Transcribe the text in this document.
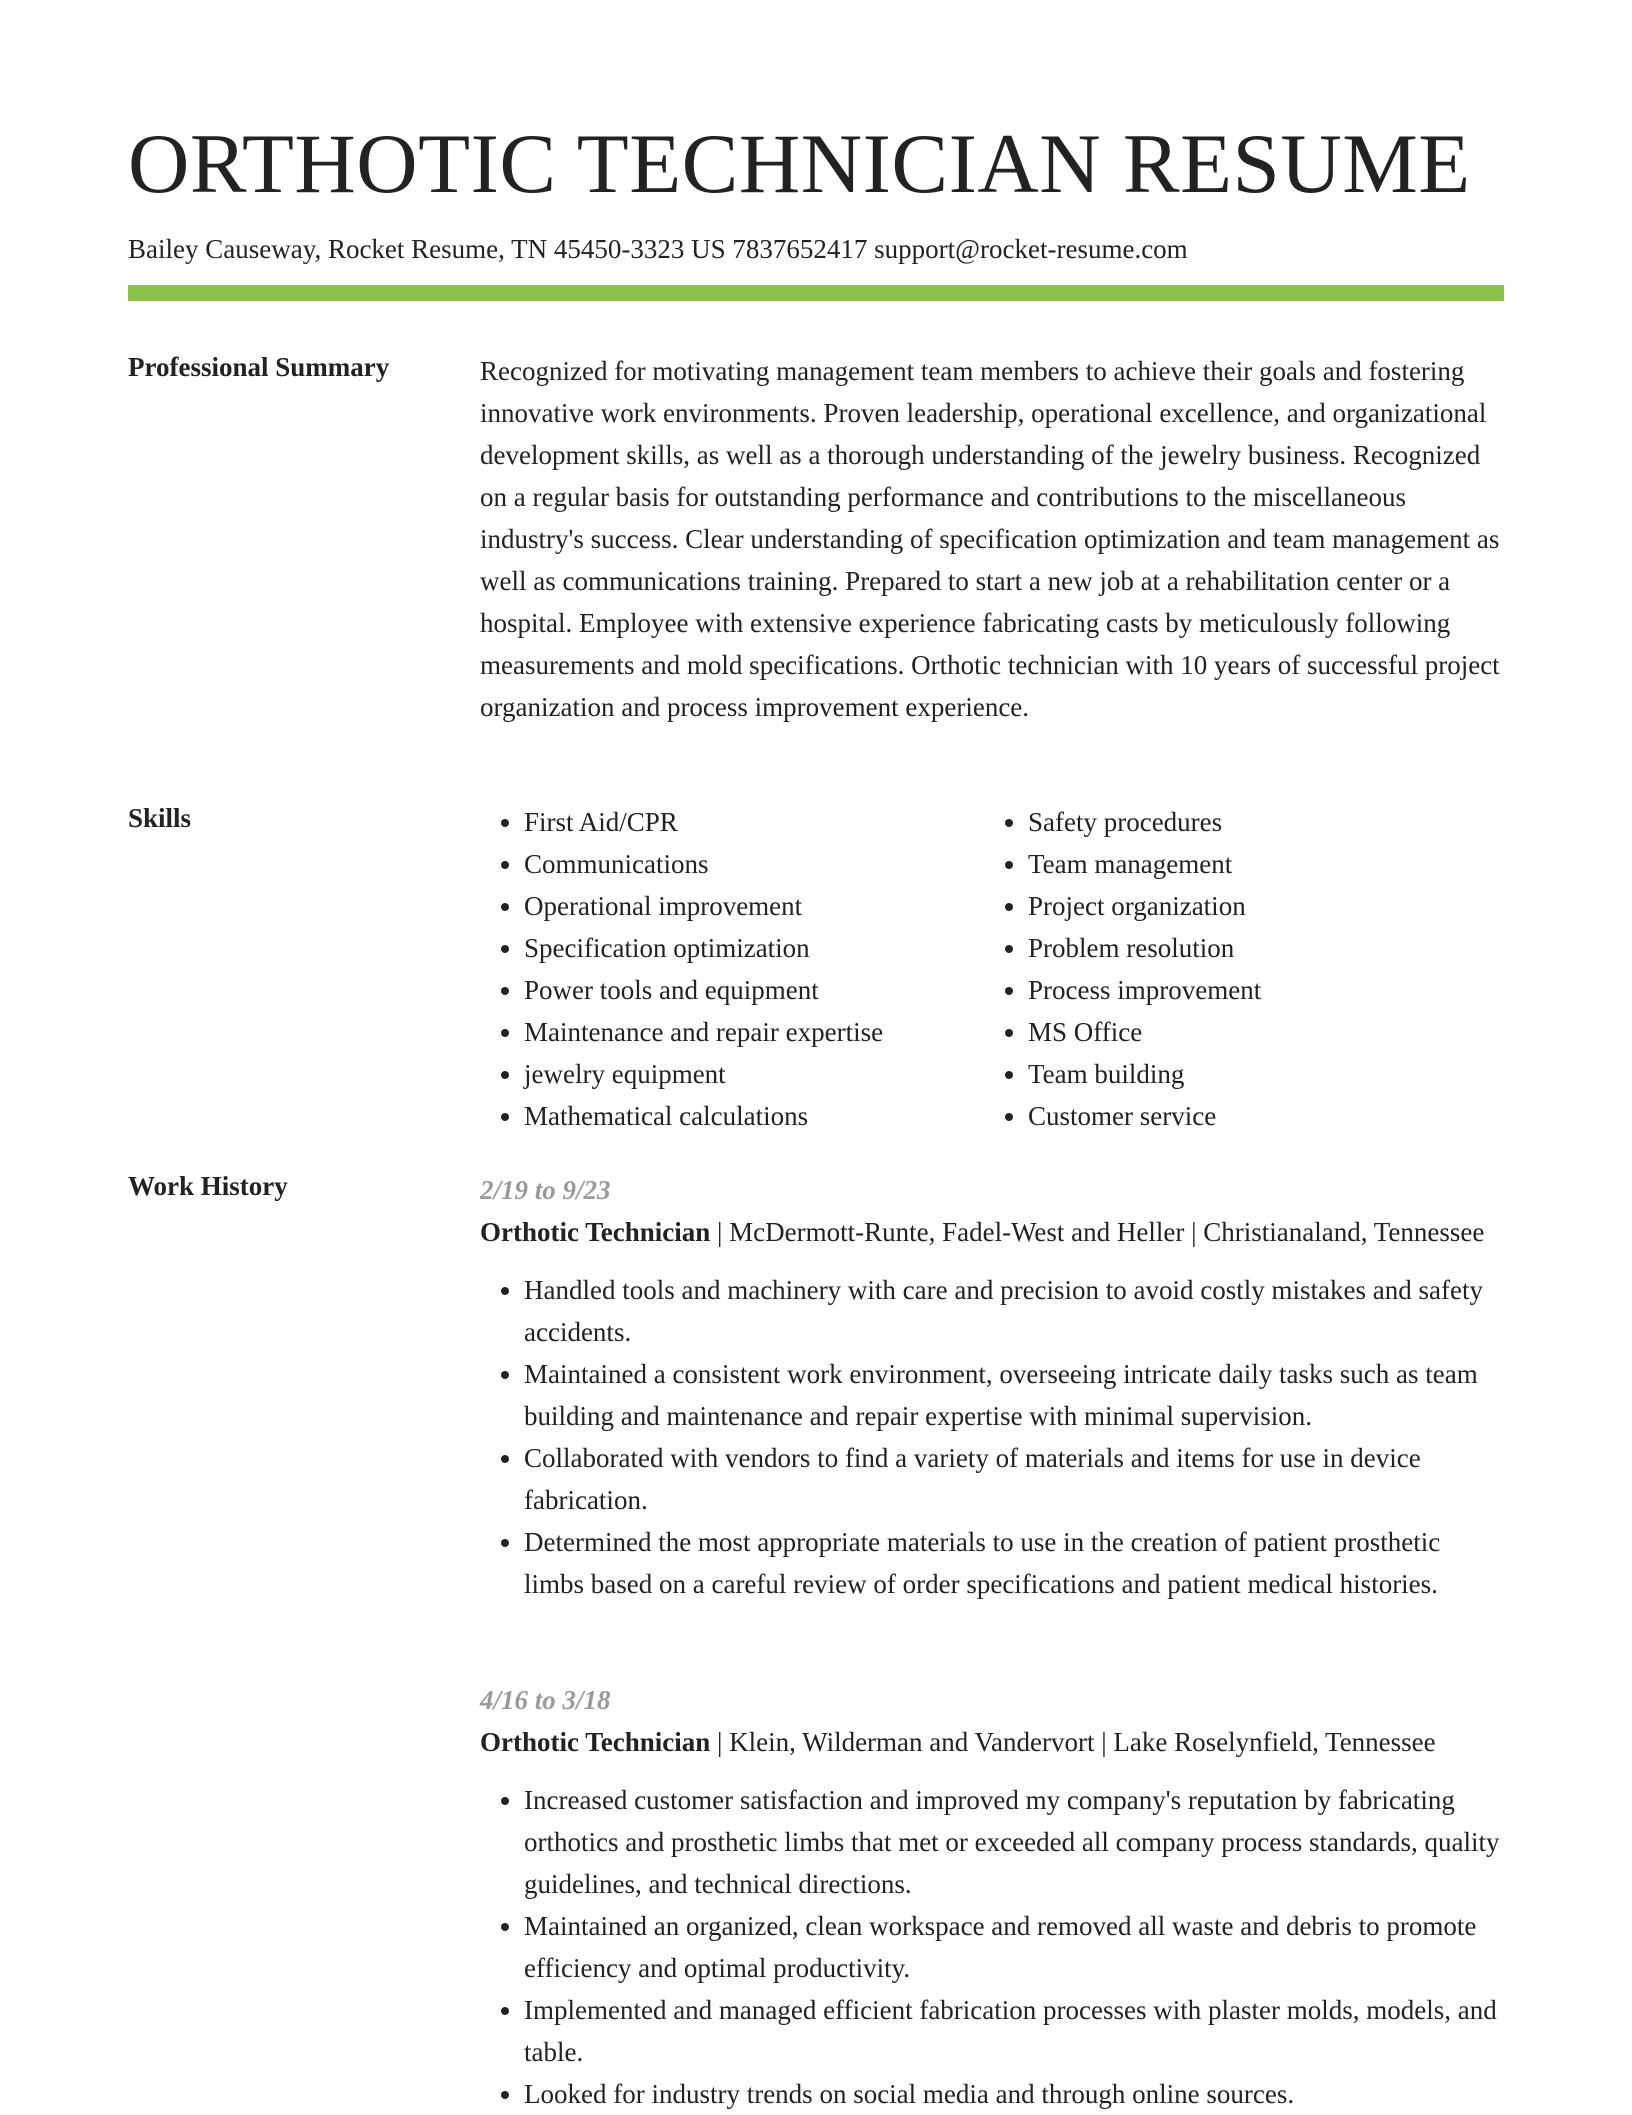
ORTHOTIC TECHNICIAN RESUME
Bailey Causeway, Rocket Resume, TN 45450-3323 US 7837652417 support@rocket-resume.com
Professional Summary	Recognized for motivating management team members to achieve their goals and fostering innovative work environments. Proven leadership, operational excellence, and organizational development skills, as well as a thorough understanding of the jewelry business. Recognized on a regular basis for outstanding performance and contributions to the miscellaneous industry's success. Clear understanding of specification optimization and team management as well as communications training. Prepared to start a new job at a rehabilitation center or a hospital. Employee with extensive experience fabricating casts by meticulously following measurements and mold specifications. Orthotic technician with 10 years of successful project organization and process improvement experience.
Skills
•	First Aid/CPR
• Communications
• Operational improvement
• Specification optimization
• Power tools and equipment
• Maintenance and repair expertise
• jewelry equipment
• Mathematical calculations
• Safety procedures
• Team management
• Project organization
• Problem resolution
• Process improvement
• MS Office
• Team building
• Customer service
Work History	2/19 to 9/23
Orthotic Technician | McDermott-Runte, Fadel-West and Heller | Christianaland, Tennessee
• Handled tools and machinery with care and precision to avoid costly mistakes and safety accidents.
• Maintained a consistent work environment, overseeing intricate daily tasks such as team building and maintenance and repair expertise with minimal supervision.
• Collaborated with vendors to find a variety of materials and items for use in device fabrication.
• Determined the most appropriate materials to use in the creation of patient prosthetic limbs based on a careful review of order specifications and patient medical histories.
4/16 to 3/18
Orthotic Technician | Klein, Wilderman and Vandervort | Lake Roselynfield, Tennessee
• Increased customer satisfaction and improved my company's reputation by fabricating orthotics and prosthetic limbs that met or exceeded all company process standards, quality guidelines, and technical directions.
• Maintained an organized, clean workspace and removed all waste and debris to promote efficiency and optimal productivity.
• Implemented and managed efficient fabrication processes with plaster molds, models, and table.
• Looked for industry trends on social media and through online sources.
